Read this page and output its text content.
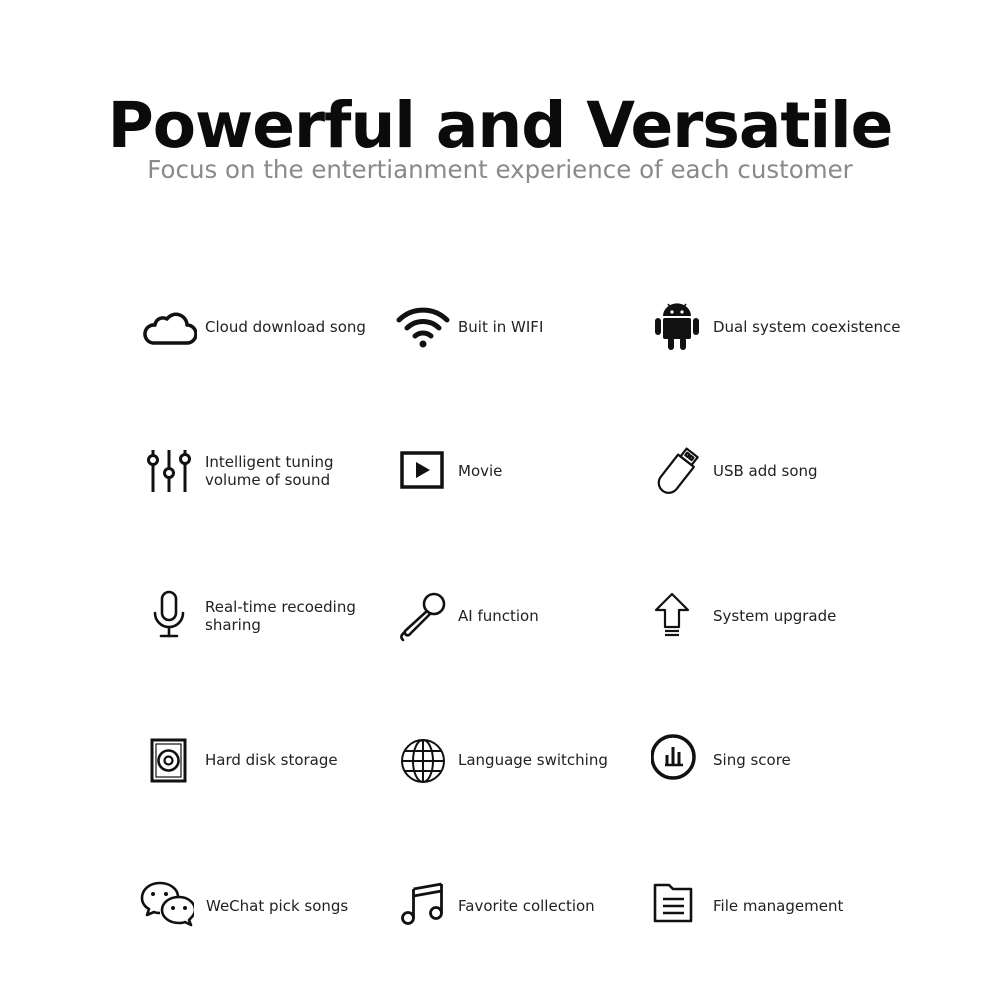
Powerful and Versatile
Focus on the entertianment experience of each customer
Cloud download song	Buit in WIFI	Dual system coexistence
Intelligent tuning
volume of sound	Movie	USB add song
Real-time recoeding
sharing	AI function	System upgrade
Hard disk storage	Language switching	Sing score
WeChat pick songs	Favorite collection	File management
